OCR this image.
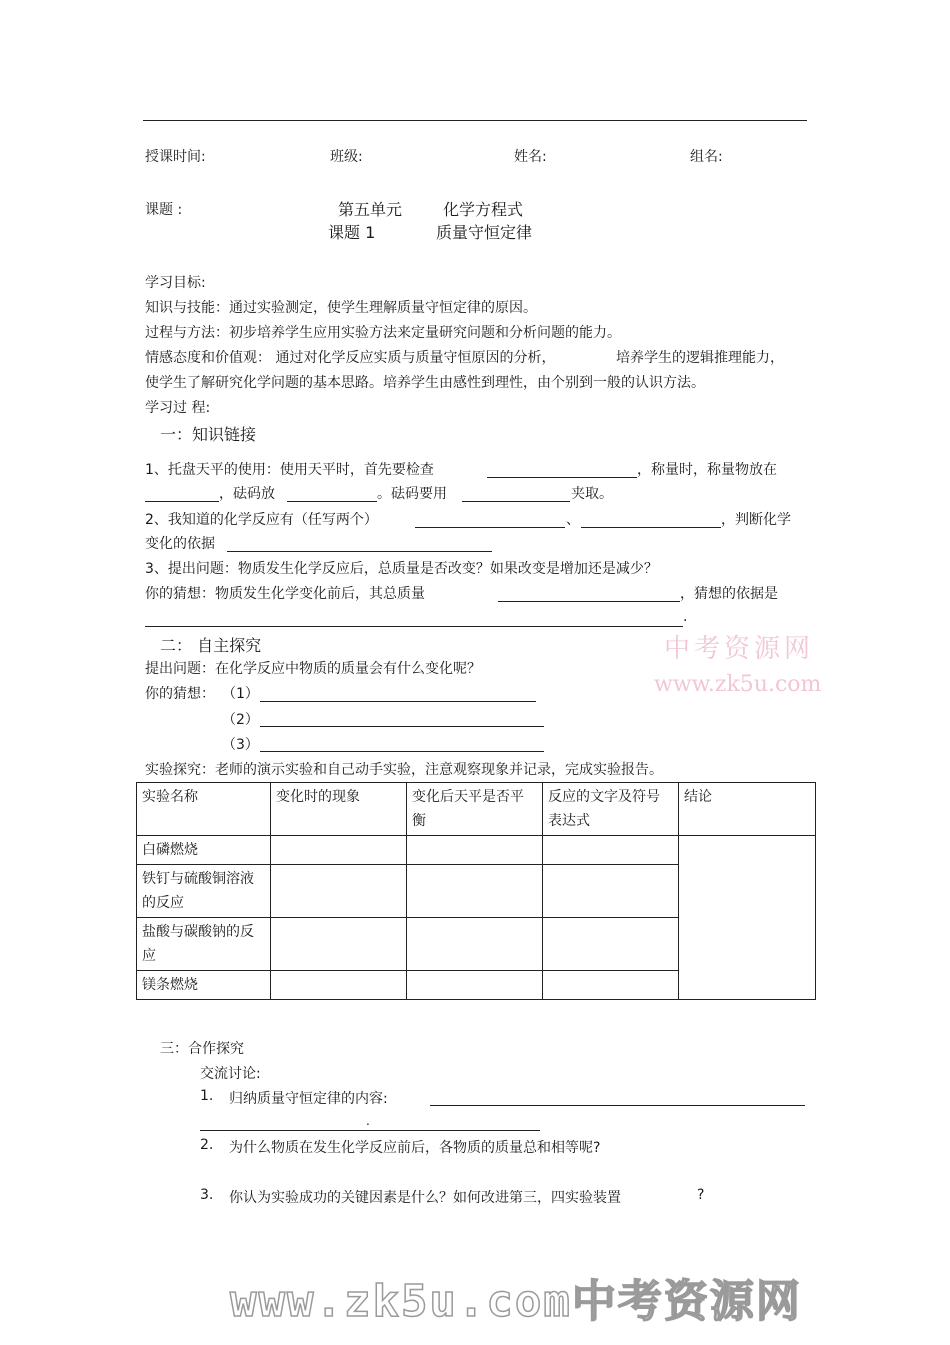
授课时间:	班级:	姓名:	组名:
课题 :	第五单元	化学方程式
课题 1	质量守恒定律
学习目标:
知识与技能：通过实验测定，使学生理解质量守恒定律的原因。
过程与方法：初步培养学生应用实验方法来定量研究问题和分析问题的能力。
情感态度和价值观： 通过对化学反应实质与质量守恒原因的分析，	培养学生的逻辑推理能力，
使学生了解研究化学问题的基本思路。培养学生由感性到理性，由个别到一般的认识方法。
学习过 程:
一：知识链接
1、托盘天平的使用：使用天平时，首先要检查	，称量时，称量物放在
，砝码放	。砝码要用	夹取。
2、我知道的化学反应有（任写两个）	、	，判断化学
变化的依据
3、提出问题：物质发生化学反应后，总质量是否改变？如果改变是增加还是减少？
你的猜想：物质发生化学变化前后，其总质量	，猜想的依据是
.
中考资源网
www.zk5u.com
二： 自主探究
提出问题：在化学反应中物质的质量会有什么变化呢？
你的猜想： （1）
（2）
（3）
实验探究：老师的演示实验和自己动手实验，注意观察现象并记录，完成实验报告。
实验名称	变化时的现象	变化后天平是否平衡	反应的文字及符号表达式	结论
白磷燃烧				
铁钉与硫酸铜溶液的反应				
盐酸与碳酸钠的反应				
镁条燃烧				
三：合作探究
交流讨论:
1. 归纳质量守恒定律的内容:
.
2. 为什么物质在发生化学反应前后，各物质的质量总和相等呢?
3. 你认为实验成功的关键因素是什么？如何改进第三，四实验装置	?
www.zk5u.com中考资源网
